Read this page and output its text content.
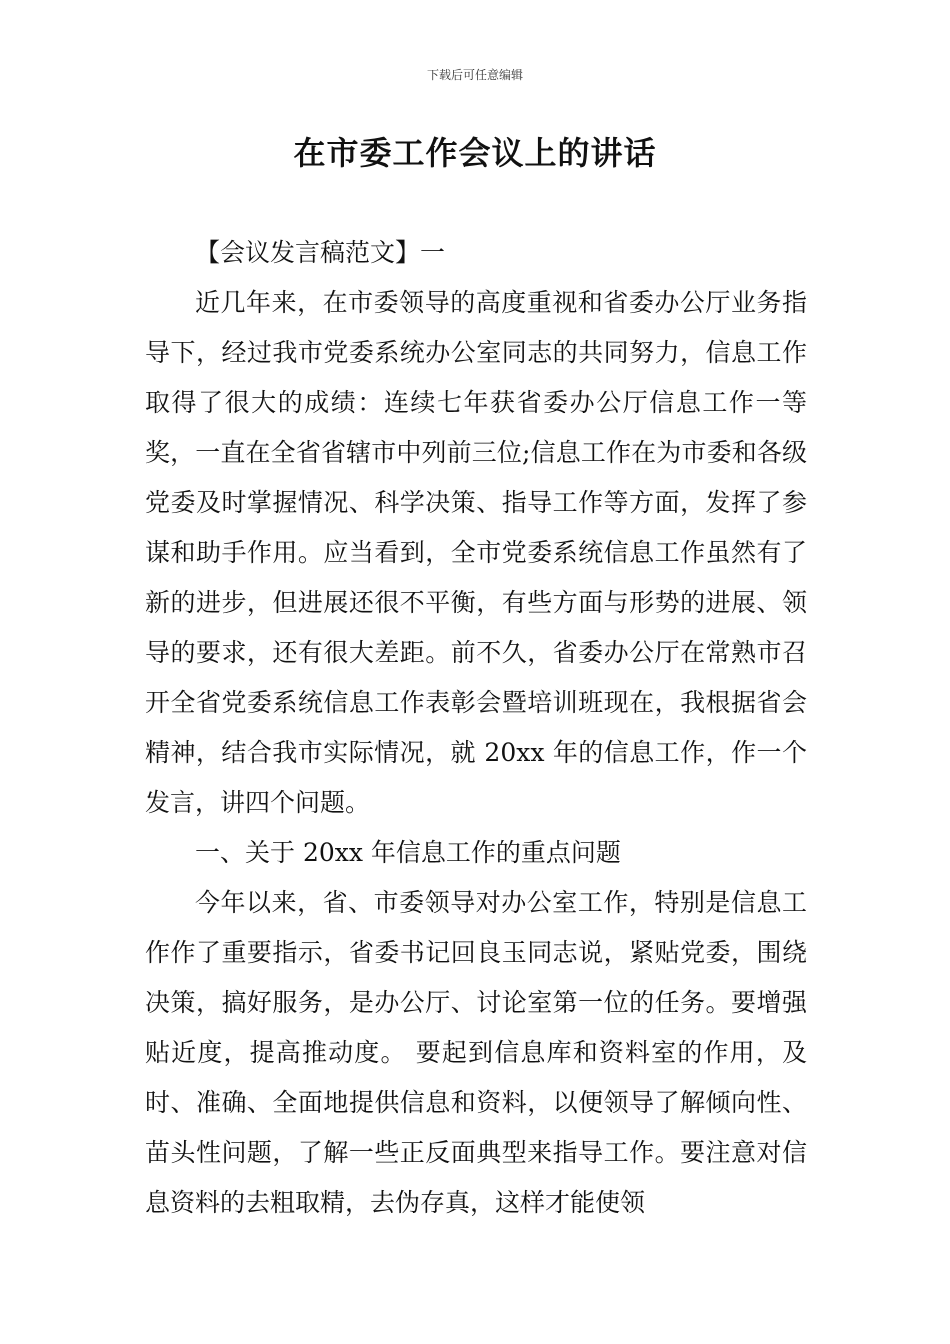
下载后可任意编辑
在市委工作会议上的讲话

【会议发言稿范文】一

近几年来，在市委领导的高度重视和省委办公厅业务指导下，经过我市党委系统办公室同志的共同努力，信息工作取得了很大的成绩：连续七年获省委办公厅信息工作一等奖，一直在全省省辖市中列前三位;信息工作在为市委和各级党委及时掌握情况、科学决策、指导工作等方面，发挥了参谋和助手作用。应当看到，全市党委系统信息工作虽然有了新的进步，但进展还很不平衡，有些方面与形势的进展、领导的要求，还有很大差距。前不久，省委办公厅在常熟市召开全省党委系统信息工作表彰会暨培训班现在，我根据省会精神，结合我市实际情况，就 20xx 年的信息工作，作一个发言，讲四个问题。

一、关于 20xx 年信息工作的重点问题

今年以来，省、市委领导对办公室工作，特别是信息工作作了重要指示，省委书记回良玉同志说，紧贴党委，围绕决策，搞好服务，是办公厅、讨论室第一位的任务。要增强贴近度，提高推动度。 要起到信息库和资料室的作用，及时、准确、全面地提供信息和资料，以便领导了解倾向性、苗头性问题，了解一些正反面典型来指导工作。要注意对信息资料的去粗取精，去伪存真，这样才能使领
